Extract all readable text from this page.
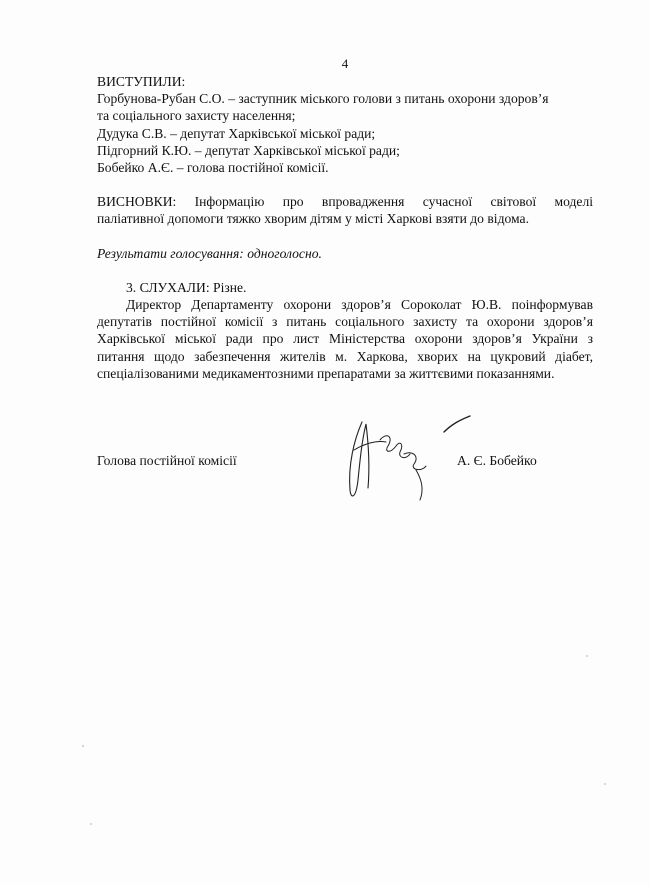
4
ВИСТУПИЛИ:
Горбунова-Рубан С.О. – заступник міського голови з питань охорони здоров’я
та соціального захисту населення;
Дудука С.В. – депутат Харківської міської ради;
Підгорний К.Ю. – депутат Харківської міської ради;
Бобейко А.Є. – голова постійної комісії.
ВИСНОВКИ: Інформацію про впровадження сучасної світової моделі
паліативної допомоги тяжко хворим дітям у місті Харкові взяти до відома.
Результати голосування: одноголосно.
3. СЛУХАЛИ: Різне.
Директор Департаменту охорони здоров’я Сороколат Ю.В. поінформував
депутатів постійної комісії з питань соціального захисту та охорони здоров’я
Харківської міської ради про лист Міністерства охорони здоров’я України з
питання щодо забезпечення жителів м. Харкова, хворих на цукровий діабет,
спеціалізованими медикаментозними препаратами за життєвими показаннями.
Голова постійної комісії	А. Є. Бобейко
